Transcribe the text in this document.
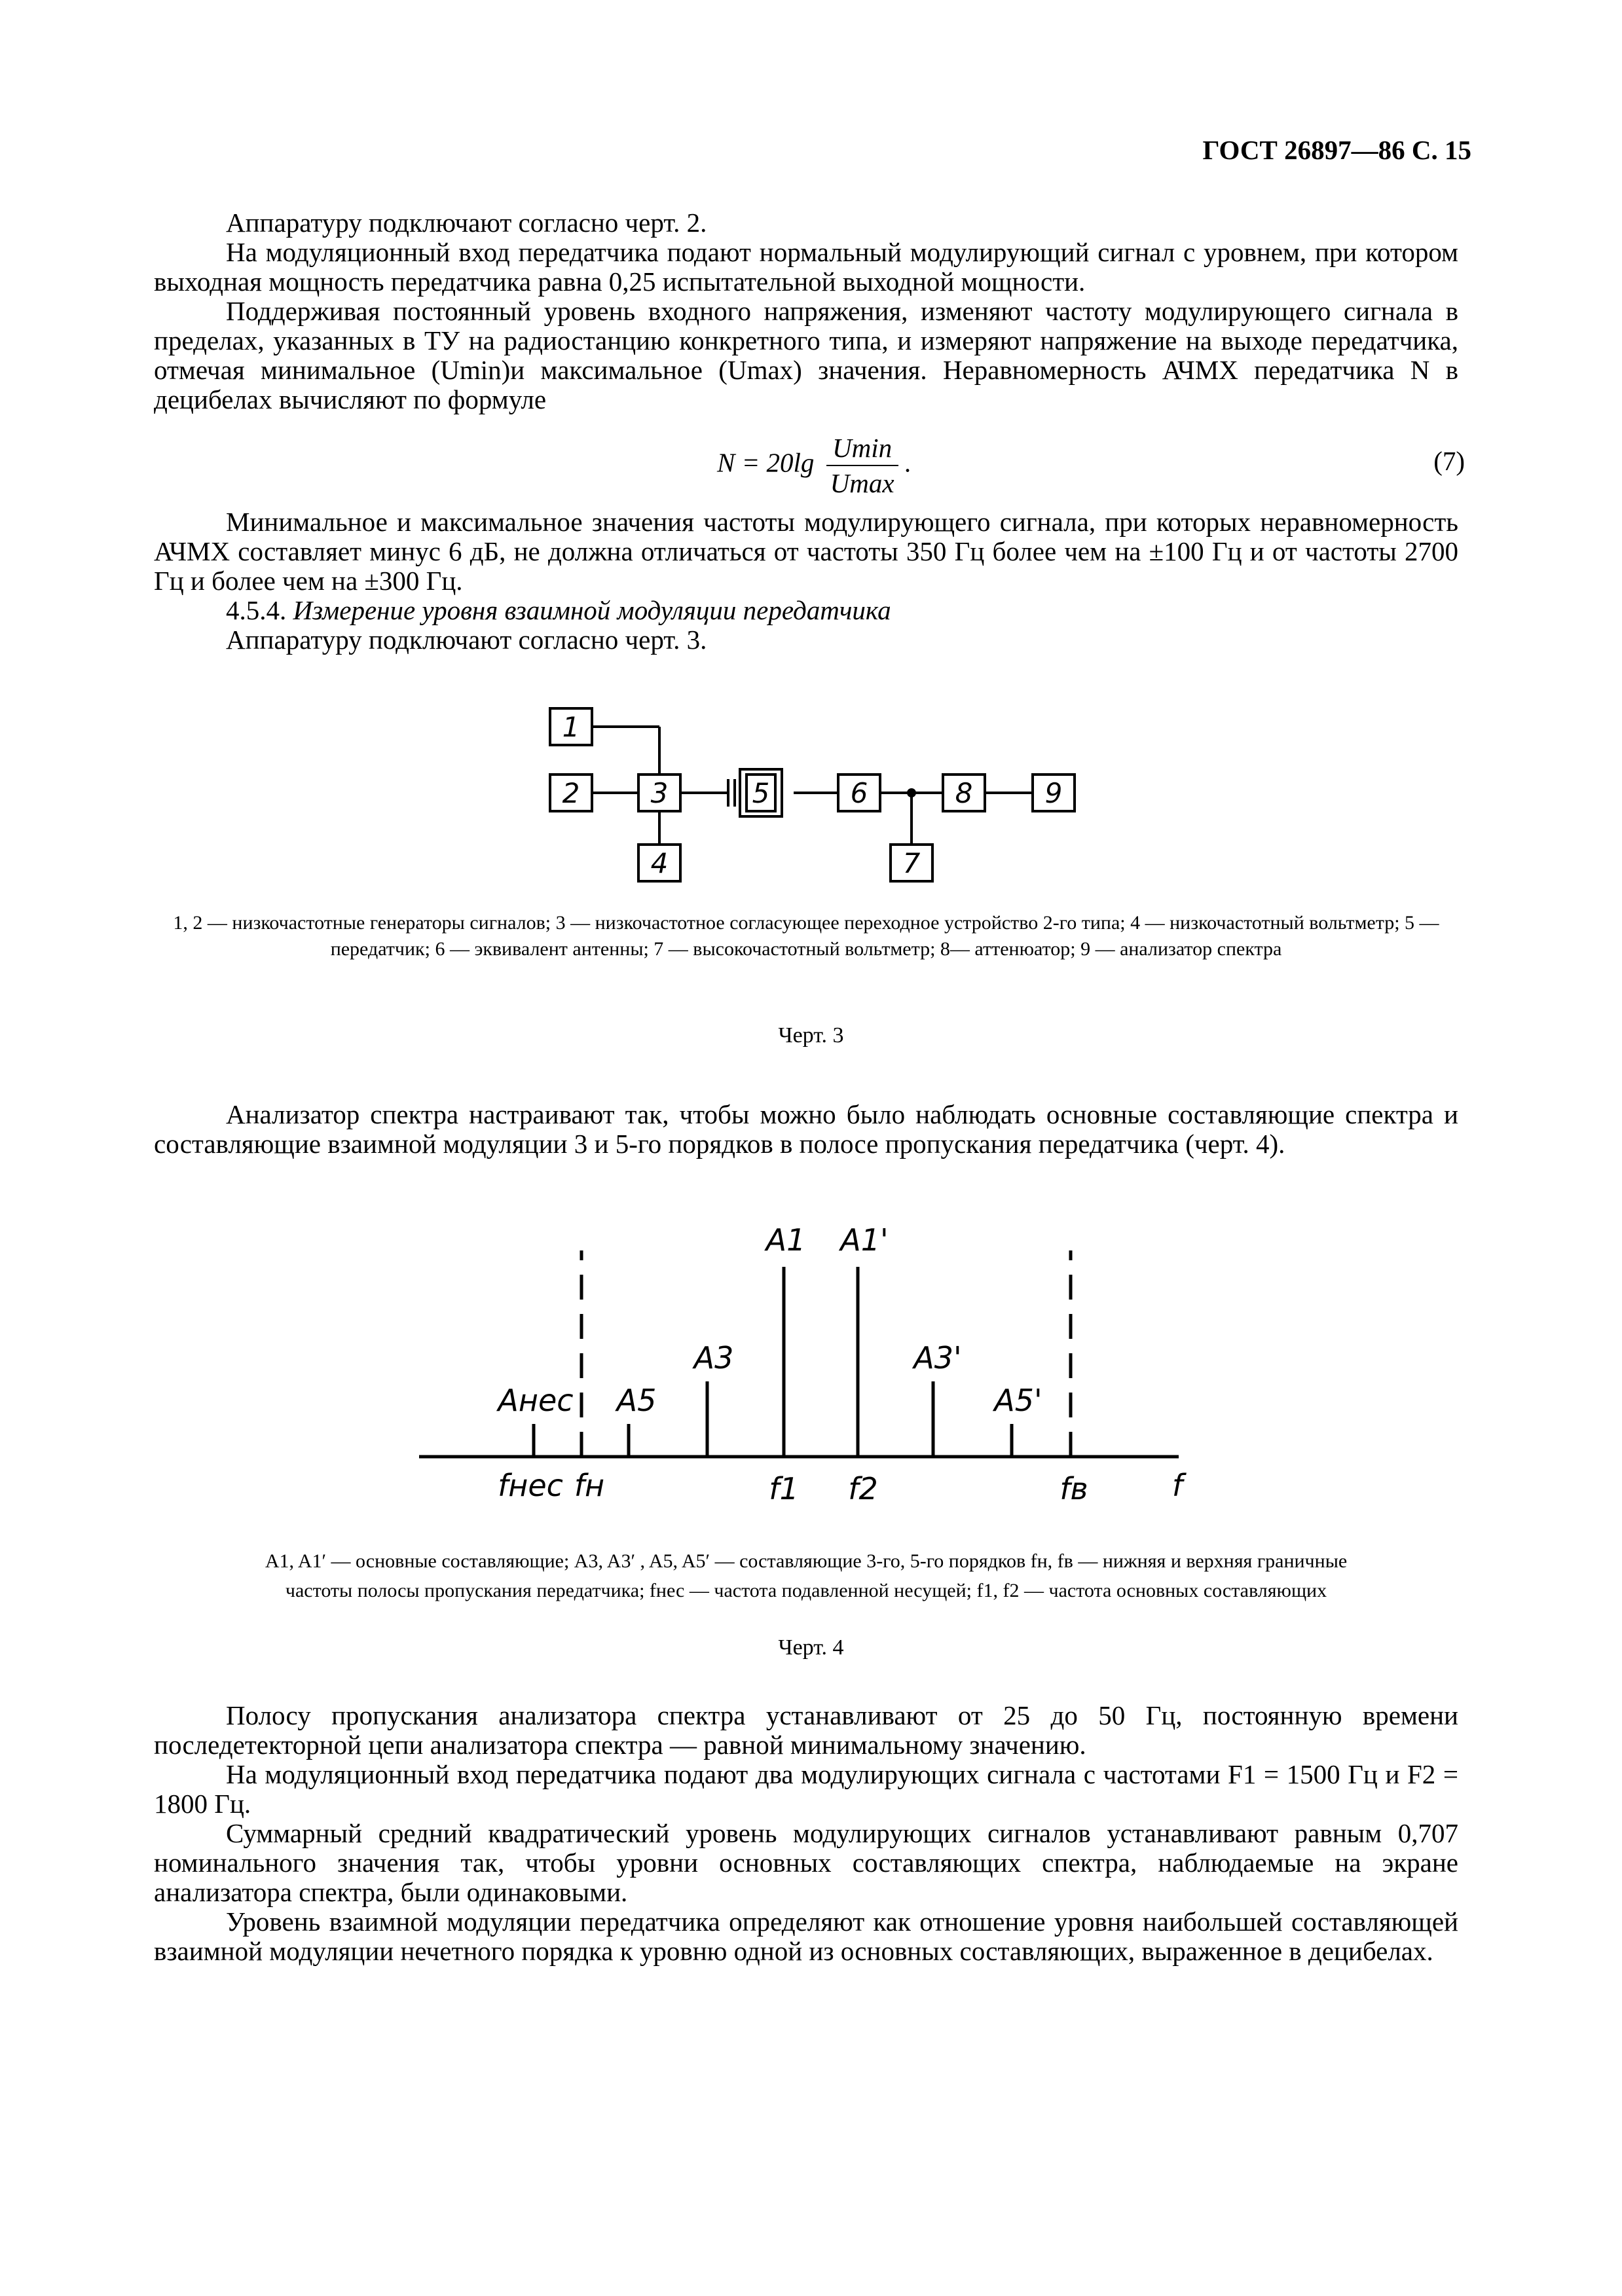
ГОСТ 26897—86 С. 15

Аппаратуру подключают согласно черт. 2.

На модуляционный вход передатчика подают нормальный модулирующий сигнал с уровнем, при котором выходная мощность передатчика равна 0,25 испытательной выходной мощности.

Поддерживая постоянный уровень входного напряжения, изменяют частоту модулирующего сигнала в пределах, указанных в ТУ на радиостанцию конкретного типа, и измеряют напряжение на выходе передатчика, отмечая минимальное (Umin)и максимальное (Umax) значения. Неравномерность АЧМХ передатчика N в децибелах вычисляют по формуле

$N = 20\lg \frac{Umin}{Umax}$ .	(7)

Минимальное и максимальное значения частоты модулирующего сигнала, при которых неравномерность АЧМХ составляет минус 6 дБ, не должна отличаться от частоты 350 Гц более чем на ±100 Гц и от частоты 2700 Гц и более чем на ±300 Гц.

4.5.4. Измерение уровня взаимной модуляции передатчика

Аппаратуру подключают согласно черт. 3.

1
2	3
4
5	6
7
8	9

1, 2 — низкочастотные генераторы сигналов; 3 — низкочастотное согласующее переходное устройство 2-го типа; 4 — низкочастотный вольтметр; 5 — передатчик; 6 — эквивалент антенны; 7 — высокочастотный вольтметр; 8— аттенюатор; 9 — анализатор спектра

Черт. 3

Анализатор спектра настраивают так, чтобы можно было наблюдать основные составляющие спектра и составляющие взаимной модуляции 3 и 5-го порядков в полосе пропускания передатчика (черт. 4).

Aнес A5
A3
A1 A1'
A3'
A5'
fнес fн	f1 f2	fв	f

A1, A1′ — основные составляющие; A3, A3′ , A5, A5′ — составляющие 3-го, 5-го порядков fн, fв — нижняя и верхняя граничные

частоты полосы пропускания передатчика; fнес — частота подавленной несущей; f1, f2 — частота основных составляющих

Черт. 4

Полосу пропускания анализатора спектра устанавливают от 25 до 50 Гц, постоянную времени последетекторной цепи анализатора спектра — равной минимальному значению.

На модуляционный вход передатчика подают два модулирующих сигнала с частотами F1 = 1500 Гц и F2 = 1800 Гц.

Суммарный средний квадратический уровень модулирующих сигналов устанавливают равным 0,707 номинального значения так, чтобы уровни основных составляющих спектра, наблюдаемые на экране анализатора спектра, были одинаковыми.

Уровень взаимной модуляции передатчика определяют как отношение уровня наибольшей составляющей взаимной модуляции нечетного порядка к уровню одной из основных составляющих, выраженное в децибелах.
